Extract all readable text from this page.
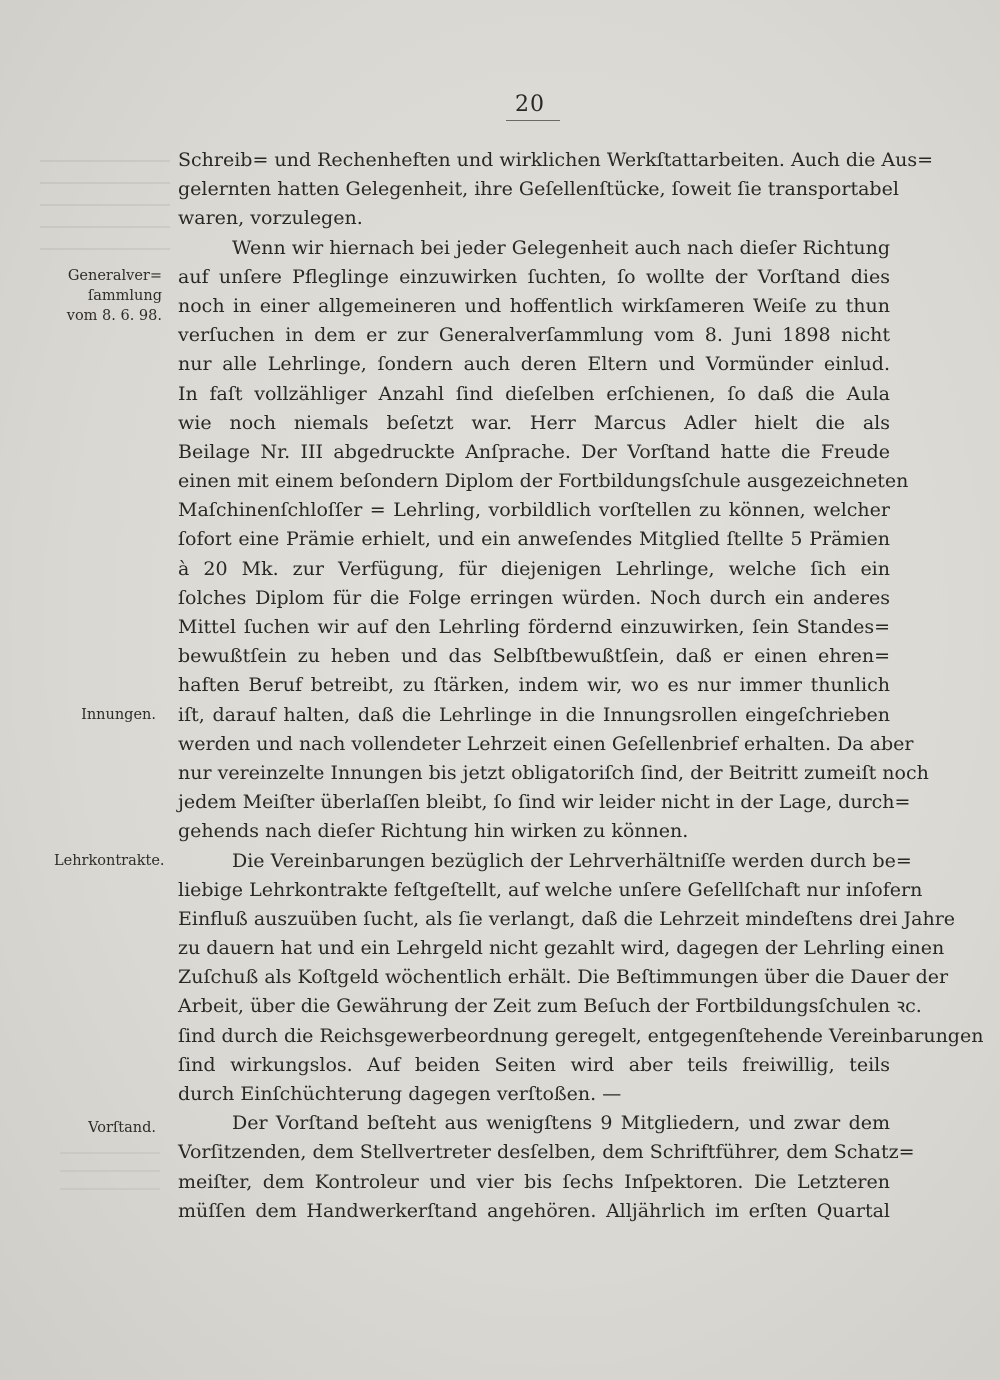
20
Generalver=
ſammlung
vom 8. 6. 98.
Innungen.
Lehrkontrakte.
Vorſtand.
Schreib= und Rechenheften und wirklichen Werkſtattarbeiten. Auch die Aus=
gelernten hatten Gelegenheit, ihre Geſellenſtücke, ſoweit ſie transportabel
waren, vorzulegen.
Wenn wir hiernach bei jeder Gelegenheit auch nach dieſer Richtung
auf unſere Pfleglinge einzuwirken ſuchten, ſo wollte der Vorſtand dies
noch in einer allgemeineren und hoffentlich wirkſameren Weiſe zu thun
verſuchen in dem er zur Generalverſammlung vom 8. Juni 1898 nicht
nur alle Lehrlinge, ſondern auch deren Eltern und Vormünder einlud.
In faſt vollzähliger Anzahl ſind dieſelben erſchienen, ſo daß die Aula
wie noch niemals beſetzt war. Herr Marcus Adler hielt die als
Beilage Nr. III abgedruckte Anſprache. Der Vorſtand hatte die Freude
einen mit einem beſondern Diplom der Fortbildungsſchule ausgezeichneten
Maſchinenſchloſſer = Lehrling, vorbildlich vorſtellen zu können, welcher
ſofort eine Prämie erhielt, und ein anweſendes Mitglied ſtellte 5 Prämien
à 20 Mk. zur Verfügung, für diejenigen Lehrlinge, welche ſich ein
ſolches Diplom für die Folge erringen würden. Noch durch ein anderes
Mittel ſuchen wir auf den Lehrling fördernd einzuwirken, ſein Standes=
bewußtſein zu heben und das Selbſtbewußtſein, daß er einen ehren=
haften Beruf betreibt, zu ſtärken, indem wir, wo es nur immer thunlich
iſt, darauf halten, daß die Lehrlinge in die Innungsrollen eingeſchrieben
werden und nach vollendeter Lehrzeit einen Geſellenbrief erhalten. Da aber
nur vereinzelte Innungen bis jetzt obligatoriſch ſind, der Beitritt zumeiſt noch
jedem Meiſter überlaſſen bleibt, ſo ſind wir leider nicht in der Lage, durch=
gehends nach dieſer Richtung hin wirken zu können.
Die Vereinbarungen bezüglich der Lehrverhältniſſe werden durch be=
liebige Lehrkontrakte feſtgeſtellt, auf welche unſere Geſellſchaft nur inſofern
Einfluß auszuüben ſucht, als ſie verlangt, daß die Lehrzeit mindeſtens drei Jahre
zu dauern hat und ein Lehrgeld nicht gezahlt wird, dagegen der Lehrling einen
Zuſchuß als Koſtgeld wöchentlich erhält. Die Beſtimmungen über die Dauer der
Arbeit, über die Gewährung der Zeit zum Beſuch der Fortbildungsſchulen ꝛc.
ſind durch die Reichsgewerbeordnung geregelt, entgegenſtehende Vereinbarungen
ſind wirkungslos. Auf beiden Seiten wird aber teils freiwillig, teils
durch Einſchüchterung dagegen verſtoßen. —
Der Vorſtand beſteht aus wenigſtens 9 Mitgliedern, und zwar dem
Vorſitzenden, dem Stellvertreter desſelben, dem Schriftführer, dem Schatz=
meiſter, dem Kontroleur und vier bis ſechs Inſpektoren. Die Letzteren
müſſen dem Handwerkerſtand angehören. Alljährlich im erſten Quartal
